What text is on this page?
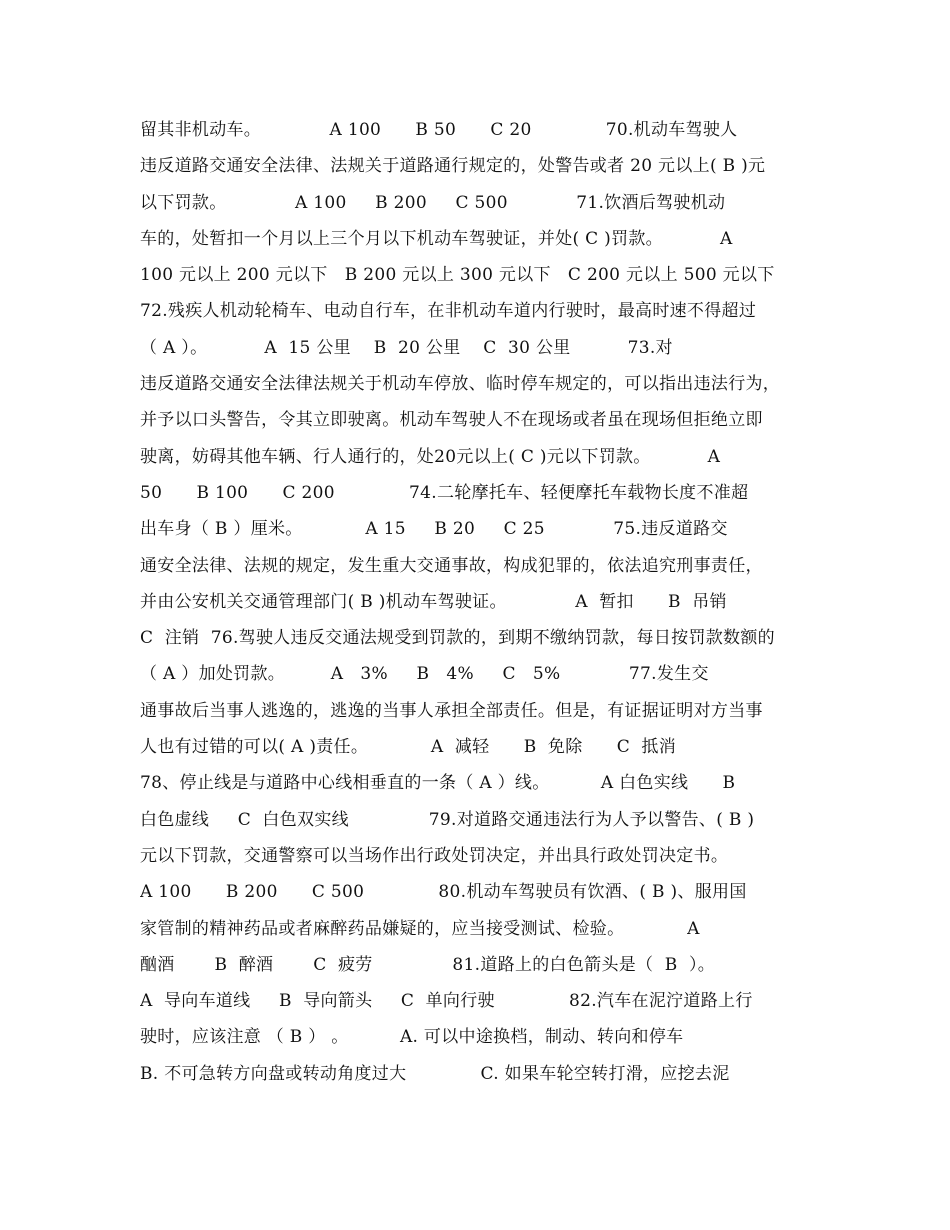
留其非机动车。            A 100      B 50      C 20             70.机动车驾驶人
违反道路交通安全法律、法规关于道路通行规定的，处警告或者 20 元以上( B )元
以下罚款。            A 100     B 200     C 500            71.饮酒后驾驶机动
车的，处暂扣一个月以上三个月以下机动车驾驶证，并处( C )罚款。          A
100 元以上 200 元以下   B 200 元以上 300 元以下   C 200 元以上 500 元以下
72.残疾人机动轮椅车、电动自行车，在非机动车道内行驶时，最高时速不得超过
（ A ）。          A  15 公里    B  20 公里    C  30 公里          73.对
违反道路交通安全法律法规关于机动车停放、临时停车规定的，可以指出违法行为，
并予以口头警告，令其立即驶离。机动车驾驶人不在现场或者虽在现场但拒绝立即
驶离，妨碍其他车辆、行人通行的，处20元以上( C )元以下罚款。          A
50      B 100      C 200             74.二轮摩托车、轻便摩托车载物长度不准超
出车身（ B ）厘米。           A 15     B 20     C 25            75.违反道路交
通安全法律、法规的规定，发生重大交通事故，构成犯罪的，依法追究刑事责任，
并由公安机关交通管理部门( B )机动车驾驶证。            A  暂扣      B  吊销
C  注销  76.驾驶人违反交通法规受到罚款的，到期不缴纳罚款，每日按罚款数额的
（ A ）加处罚款。        A   3%     B   4%     C   5%            77.发生交
通事故后当事人逃逸的，逃逸的当事人承担全部责任。但是，有证据证明对方当事
人也有过错的可以( A )责任。           A  减轻      B  免除      C  抵消
78、停止线是与道路中心线相垂直的一条（ A ）线。         A 白色实线      B
白色虚线     C  白色双实线              79.对道路交通违法行为人予以警告、( B )
元以下罚款，交通警察可以当场作出行政处罚决定，并出具行政处罚决定书。
A 100      B 200      C 500             80.机动车驾驶员有饮酒、( B )、服用国
家管制的精神药品或者麻醉药品嫌疑的，应当接受测试、检验。           A
酗酒       B  醉酒       C  疲劳              81.道路上的白色箭头是（  B  ）。
A  导向车道线     B  导向箭头     C  单向行驶             82.汽车在泥泞道路上行
驶时，应该注意 （ B ） 。         A. 可以中途换档，制动、转向和停车
B. 不可急转方向盘或转动角度过大             C. 如果车轮空转打滑，应挖去泥
